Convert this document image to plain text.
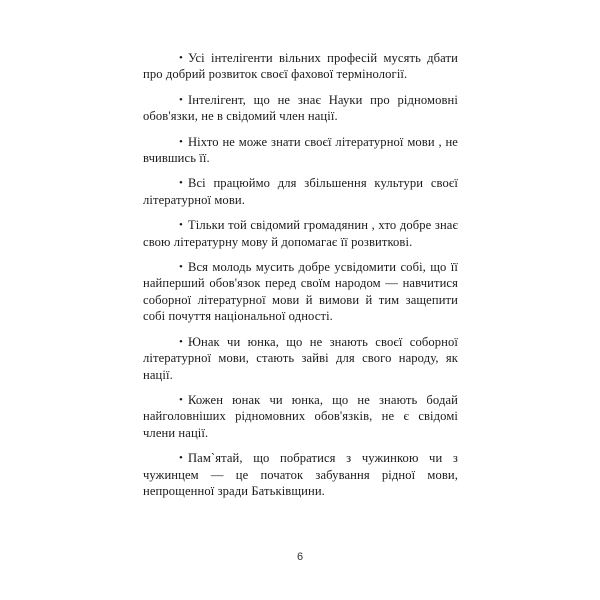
• Усі інтелігенти вільних професій мусять дбати про добрий розвиток своєї фахової термінології.

• Інтелігент, що не знає Науки про рідномовні обов'язки, не в свідомий член нації.

• Ніхто не може знати своєї літературної мови , не вчившись її.

• Всі працюймо для збільшення культури своєї літературної мови.

• Тільки той свідомий громадянин , хто добре знає свою літературну мову й допомагає її розвиткові.

• Вся молодь мусить добре усвідомити собі, що її найперший обов'язок перед своїм народом — навчитися соборної літературної мови й вимови й тим защепити собі почуття національної одності.

• Юнак чи юнка, що не знають своєї соборної літературної мови, стають зайві для свого народу, як нації.

• Кожен юнак чи юнка, що не знають бодай найголовніших рідномовних обов'язків, не є свідомі члени нації.

• Пам`ятай, що побратися з чужинкою чи з чужинцем — це початок забування рідної мови, непрощенної зради Батьківщини.

6
